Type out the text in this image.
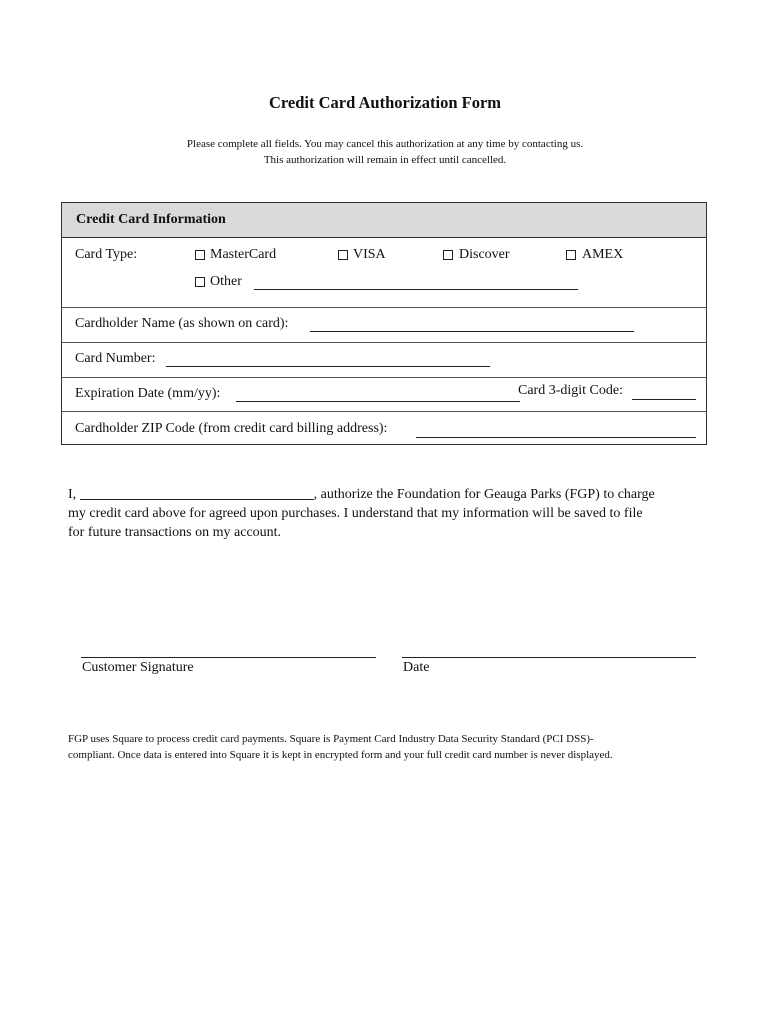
Credit Card Authorization Form
Please complete all fields. You may cancel this authorization at any time by contacting us.
This authorization will remain in effect until cancelled.
Credit Card Information
Card Type:	MasterCard	VISA	Discover	AMEX
Other
Cardholder Name (as shown on card):
Card Number:
Expiration Date (mm/yy):	Card 3-digit Code:
Cardholder ZIP Code (from credit card billing address):
I,	, authorize the Foundation for Geauga Parks (FGP) to charge
my credit card above for agreed upon purchases. I understand that my information will be saved to file
for future transactions on my account.
Customer Signature	Date
FGP uses Square to process credit card payments. Square is Payment Card Industry Data Security Standard (PCI DSS)-
compliant. Once data is entered into Square it is kept in encrypted form and your full credit card number is never displayed.
